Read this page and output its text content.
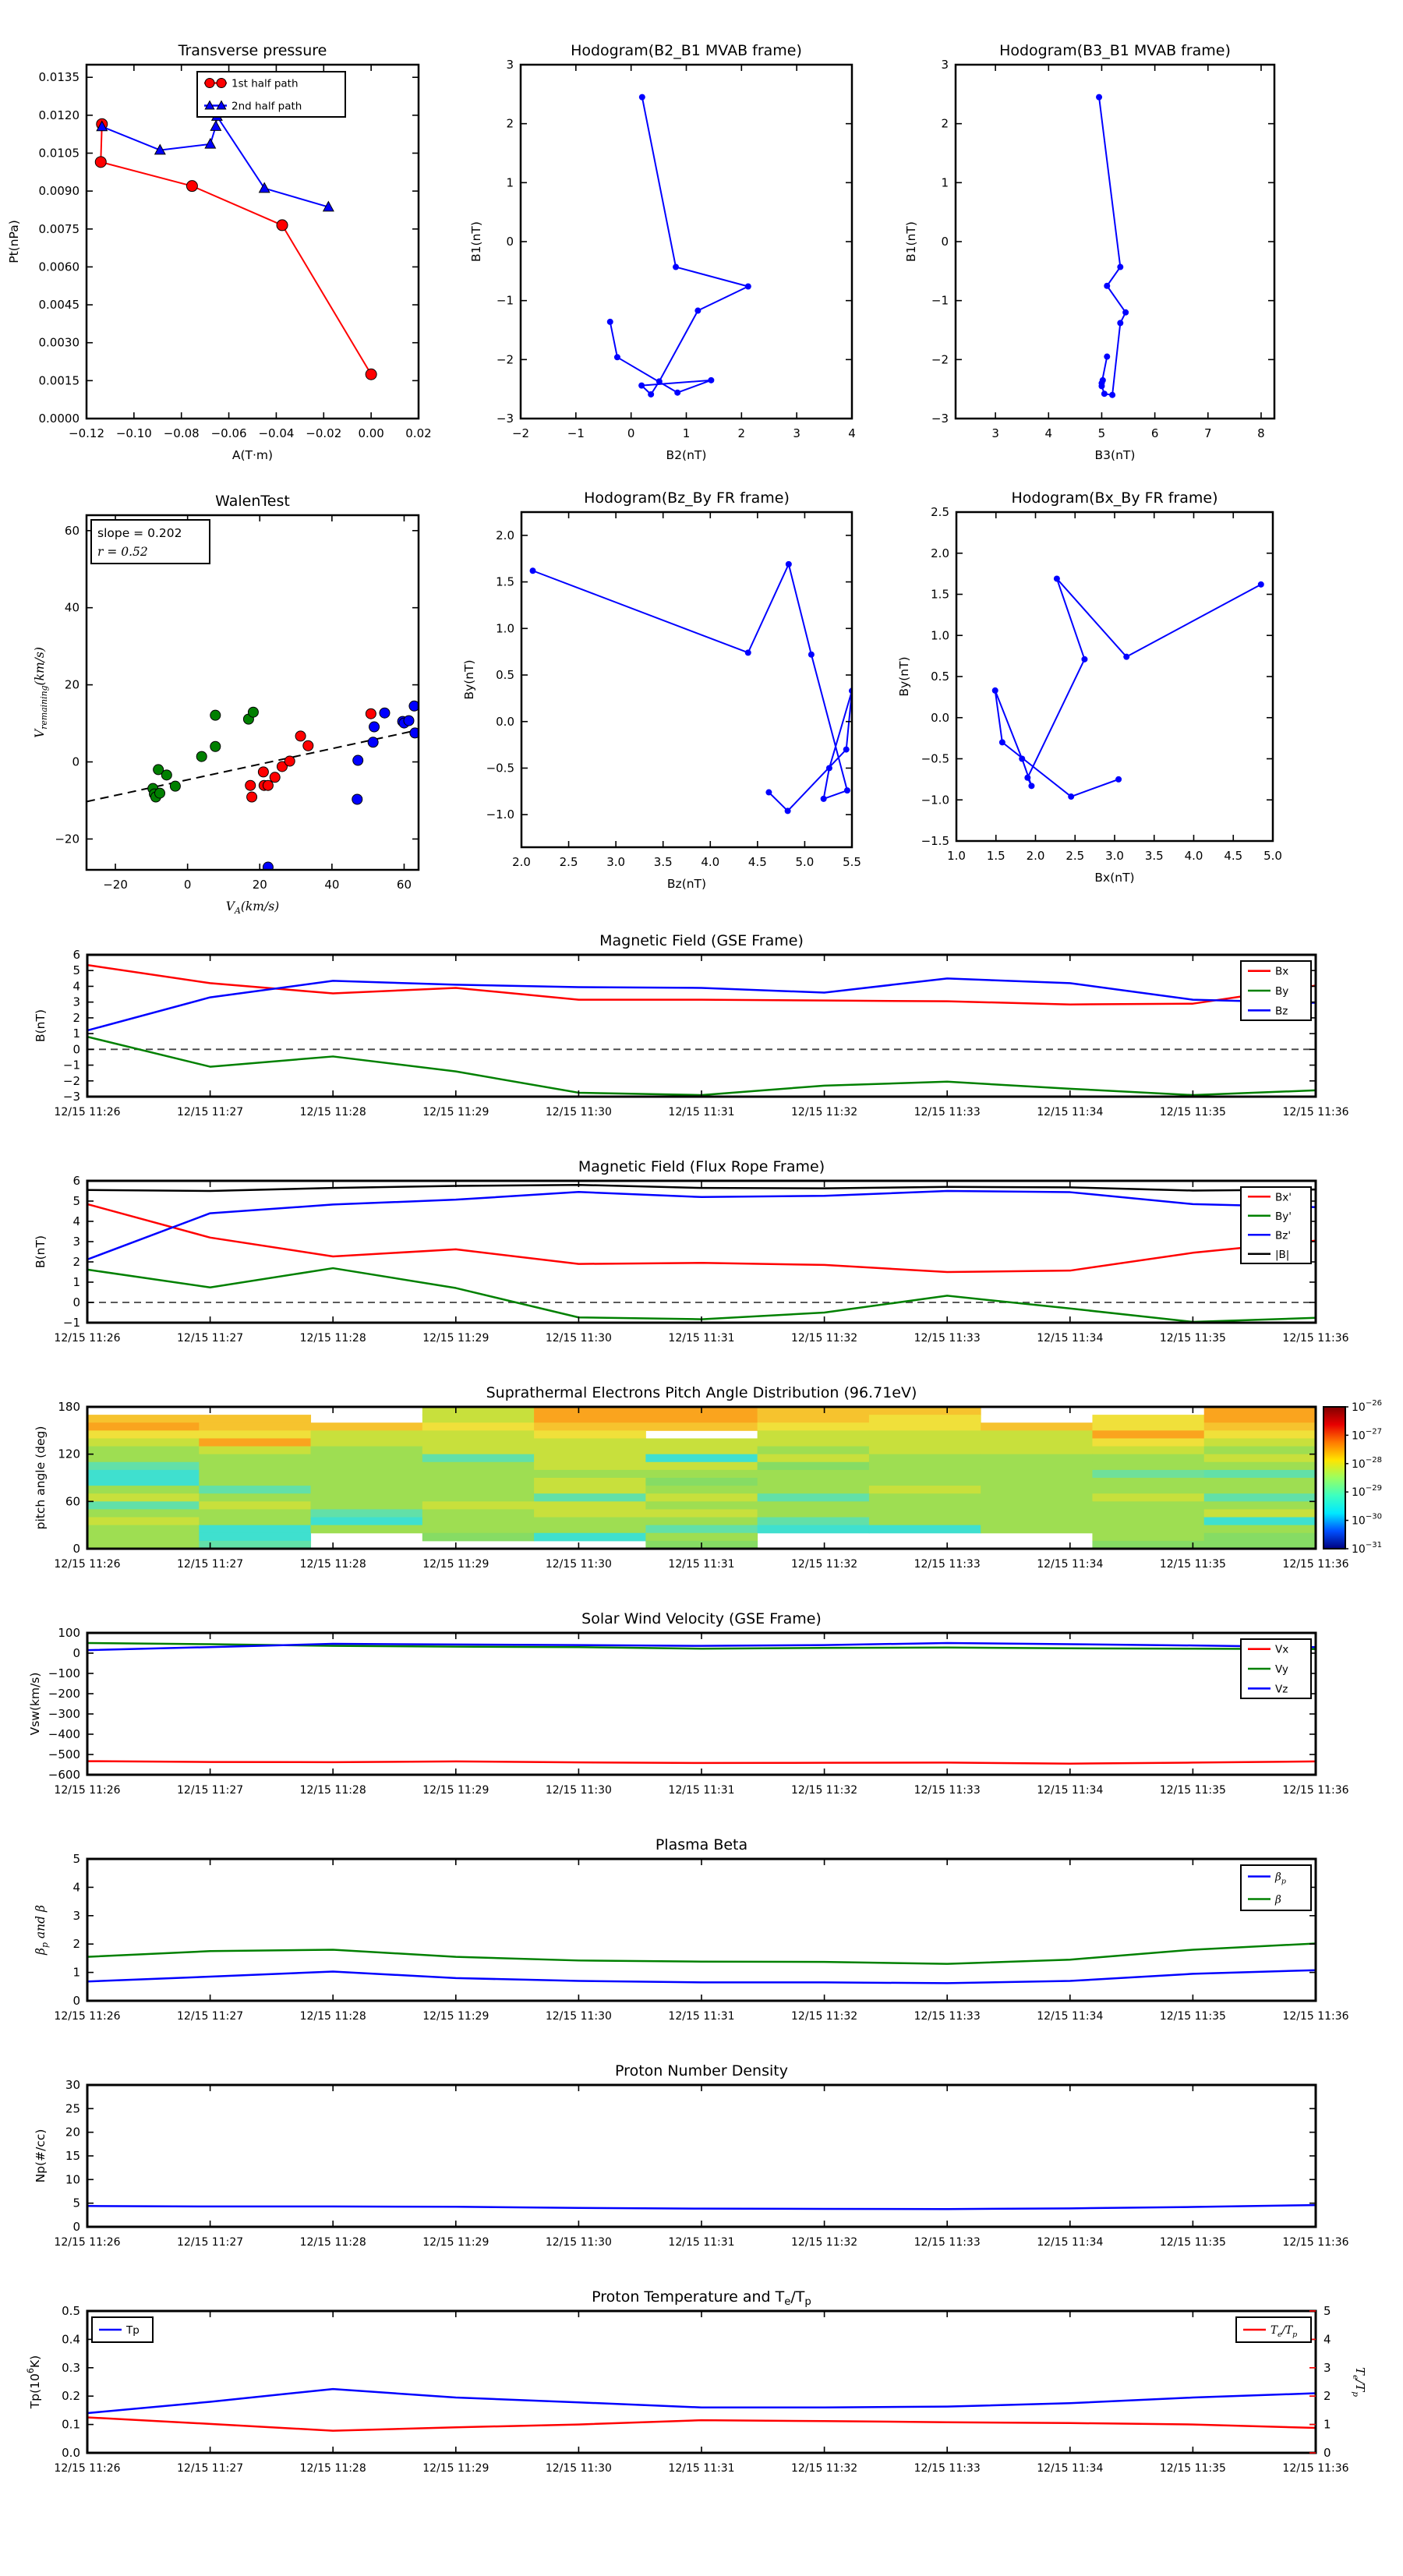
−0.12 −0.10 −0.08 −0.06 −0.04 −0.02 0.00 0.02
0.0000
0.0015
0.0030
0.0045
0.0060
0.0075
0.0090
0.0105
0.0120
0.0135
Transverse pressure
A(T·m)
Pt(nPa)
1st half path
2nd half path
−2	−1	0	1	2	3	4
−3
−2
−1
0
1
2
3
Hodogram(B2_B1 MVAB frame)
B2(nT)
B1(nT)
3	4	5	6	7	8
−3
−2
−1
0
1
2
3
Hodogram(B3_B1 MVAB frame)
B3(nT)
B1(nT)
−20	0	20	40	60
−20
0
20
40
60
WalenTest
$V_A(km/s)$
$V_{remaining}(km/s)$
slope = 0.202
r = 0.52
2.0 2.5 3.0 3.5 4.0 4.5 5.0 5.5
−1.0
−0.5
0.0
0.5
1.0
1.5
2.0
Hodogram(Bz_By FR frame)
Bz(nT)
By(nT)
1.0 1.5 2.0 2.5 3.0 3.5 4.0 4.5 5.0
−1.5
−1.0
−0.5
0.0
0.5
1.0
1.5
2.0
2.5
Hodogram(Bx_By FR frame)
Bx(nT)
By(nT)
12/15 11:26	12/15 11:27	12/15 11:28	12/15 11:29	12/15 11:30	12/15 11:31	12/15 11:32	12/15 11:33	12/15 11:34	12/15 11:35	12/15 11:36
−3
−2
−1
0
1
2
3
4
5
6
Magnetic Field (GSE Frame)
B(nT)
Bx
By
Bz
12/15 11:26	12/15 11:27	12/15 11:28	12/15 11:29	12/15 11:30	12/15 11:31	12/15 11:32	12/15 11:33	12/15 11:34	12/15 11:35	12/15 11:36
−1
0
1
2
3
4
5
6
Magnetic Field (Flux Rope Frame)
B(nT)
Bx'
By'
Bz'
|B|
$10^{-26}$
$10^{-27}$
$10^{-28}$
$10^{-29}$
$10^{-30}$
$10^{-31}$
12/15 11:26	12/15 11:27	12/15 11:28	12/15 11:29	12/15 11:30	12/15 11:31	12/15 11:32	12/15 11:33	12/15 11:34	12/15 11:35	12/15 11:36
0
60
120
180
Suprathermal Electrons Pitch Angle Distribution (96.71eV)
pitch angle (deg)
12/15 11:26	12/15 11:27	12/15 11:28	12/15 11:29	12/15 11:30	12/15 11:31	12/15 11:32	12/15 11:33	12/15 11:34	12/15 11:35	12/15 11:36
−600
−500
−400
−300
−200
−100
0
100
Solar Wind Velocity (GSE Frame)
Vsw(km/s)
Vx
Vy
Vz
12/15 11:26	12/15 11:27	12/15 11:28	12/15 11:29	12/15 11:30	12/15 11:31	12/15 11:32	12/15 11:33	12/15 11:34	12/15 11:35	12/15 11:36
0
1
2
3
4
5
Plasma Beta
$\beta_p$ and β
$\beta_p$
β
12/15 11:26	12/15 11:27	12/15 11:28	12/15 11:29	12/15 11:30	12/15 11:31	12/15 11:32	12/15 11:33	12/15 11:34	12/15 11:35	12/15 11:36
0
5
10
15
20
25
30
Proton Number Density
Np(#/cc)
12/15 11:26	12/15 11:27	12/15 11:28	12/15 11:29	12/15 11:30	12/15 11:31	12/15 11:32	12/15 11:33	12/15 11:34	12/15 11:35	12/15 11:36
0.0
0.1
0.2
0.3
0.4
0.5
0
1
2
3
4
5
$T_e/T_p$
Proton Temperature and $T_e/T_p$
$Tp(10^6K)$
Tp	$T_e/T_p$
